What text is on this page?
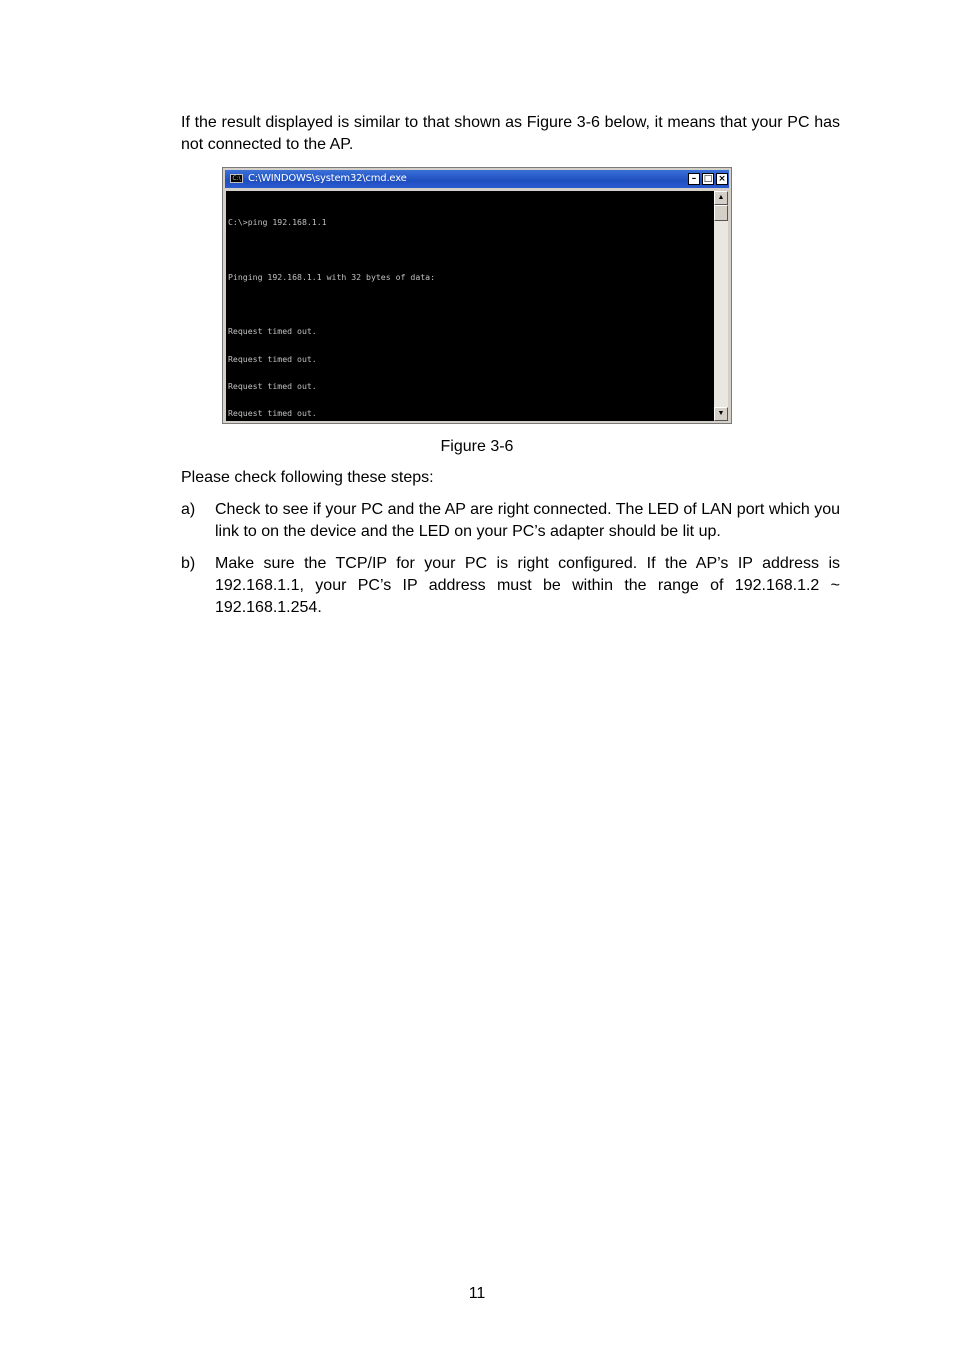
If the result displayed is similar to that shown as Figure 3-6 below, it means that your PC has not connected to the AP.
C:\ C:\WINDOWS\system32\cmd.exe	– □ ×

C:\>ping 192.168.1.1

Pinging 192.168.1.1 with 32 bytes of data:

Request timed out.

Request timed out.

Request timed out.

Request timed out.

▲
▼
Figure 3-6
Please check following these steps:
a) Check to see if your PC and the AP are right connected. The LED of LAN port which you link to on the device and the LED on your PC’s adapter should be lit up.
b) Make sure the TCP/IP for your PC is right configured. If the AP’s IP address is 192.168.1.1, your PC’s IP address must be within the range of 192.168.1.2 ~ 192.168.1.254.
11
